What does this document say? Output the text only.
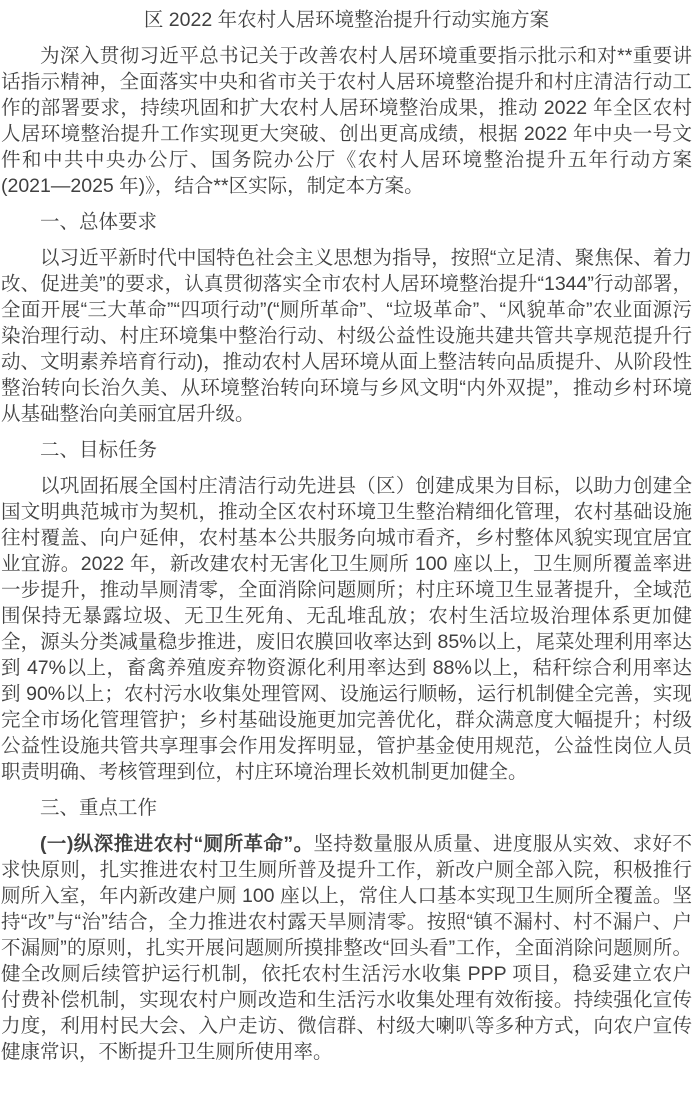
区 2022 年农村人居环境整治提升行动实施方案

为深入贯彻习近平总书记关于改善农村人居环境重要指示批示和对**重要讲话指示精神，全面落实中央和省市关于农村人居环境整治提升和村庄清洁行动工作的部署要求，持续巩固和扩大农村人居环境整治成果，推动 2022 年全区农村人居环境整治提升工作实现更大突破、创出更高成绩，根据 2022 年中央一号文件和中共中央办公厅、国务院办公厅《农村人居环境整治提升五年行动方案(2021—2025 年)》，结合**区实际，制定本方案。

一、总体要求

以习近平新时代中国特色社会主义思想为指导，按照“立足清、聚焦保、着力改、促进美”的要求，认真贯彻落实全市农村人居环境整治提升“1344”行动部署，全面开展“三大革命”“四项行动”(“厕所革命”、“垃圾革命”、“风貌革命”农业面源污染治理行动、村庄环境集中整治行动、村级公益性设施共建共管共享规范提升行动、文明素养培育行动)，推动农村人居环境从面上整洁转向品质提升、从阶段性整治转向长治久美、从环境整治转向环境与乡风文明“内外双提”，推动乡村环境从基础整治向美丽宜居升级。

二、目标任务

以巩固拓展全国村庄清洁行动先进县（区）创建成果为目标，以助力创建全国文明典范城市为契机，推动全区农村环境卫生整治精细化管理，农村基础设施往村覆盖、向户延伸，农村基本公共服务向城市看齐，乡村整体风貌实现宜居宜业宜游。2022 年，新改建农村无害化卫生厕所 100 座以上，卫生厕所覆盖率进一步提升，推动旱厕清零，全面消除问题厕所；村庄环境卫生显著提升，全域范围保持无暴露垃圾、无卫生死角、无乱堆乱放；农村生活垃圾治理体系更加健全，源头分类减量稳步推进，废旧农膜回收率达到 85%以上，尾菜处理利用率达到 47%以上，畜禽养殖废弃物资源化利用率达到 88%以上，秸秆综合利用率达到 90%以上；农村污水收集处理管网、设施运行顺畅，运行机制健全完善，实现完全市场化管理管护；乡村基础设施更加完善优化，群众满意度大幅提升；村级公益性设施共管共享理事会作用发挥明显，管护基金使用规范，公益性岗位人员职责明确、考核管理到位，村庄环境治理长效机制更加健全。

三、重点工作

(一)纵深推进农村“厕所革命”。坚持数量服从质量、进度服从实效、求好不求快原则，扎实推进农村卫生厕所普及提升工作，新改户厕全部入院，积极推行厕所入室，年内新改建户厕 100 座以上，常住人口基本实现卫生厕所全覆盖。坚持“改”与“治”结合，全力推进农村露天旱厕清零。按照“镇不漏村、村不漏户、户不漏厕”的原则，扎实开展问题厕所摸排整改“回头看”工作，全面消除问题厕所。健全改厕后续管护运行机制，依托农村生活污水收集 PPP 项目，稳妥建立农户付费补偿机制，实现农村户厕改造和生活污水收集处理有效衔接。持续强化宣传力度，利用村民大会、入户走访、微信群、村级大喇叭等多种方式，向农户宣传健康常识，不断提升卫生厕所使用率。
